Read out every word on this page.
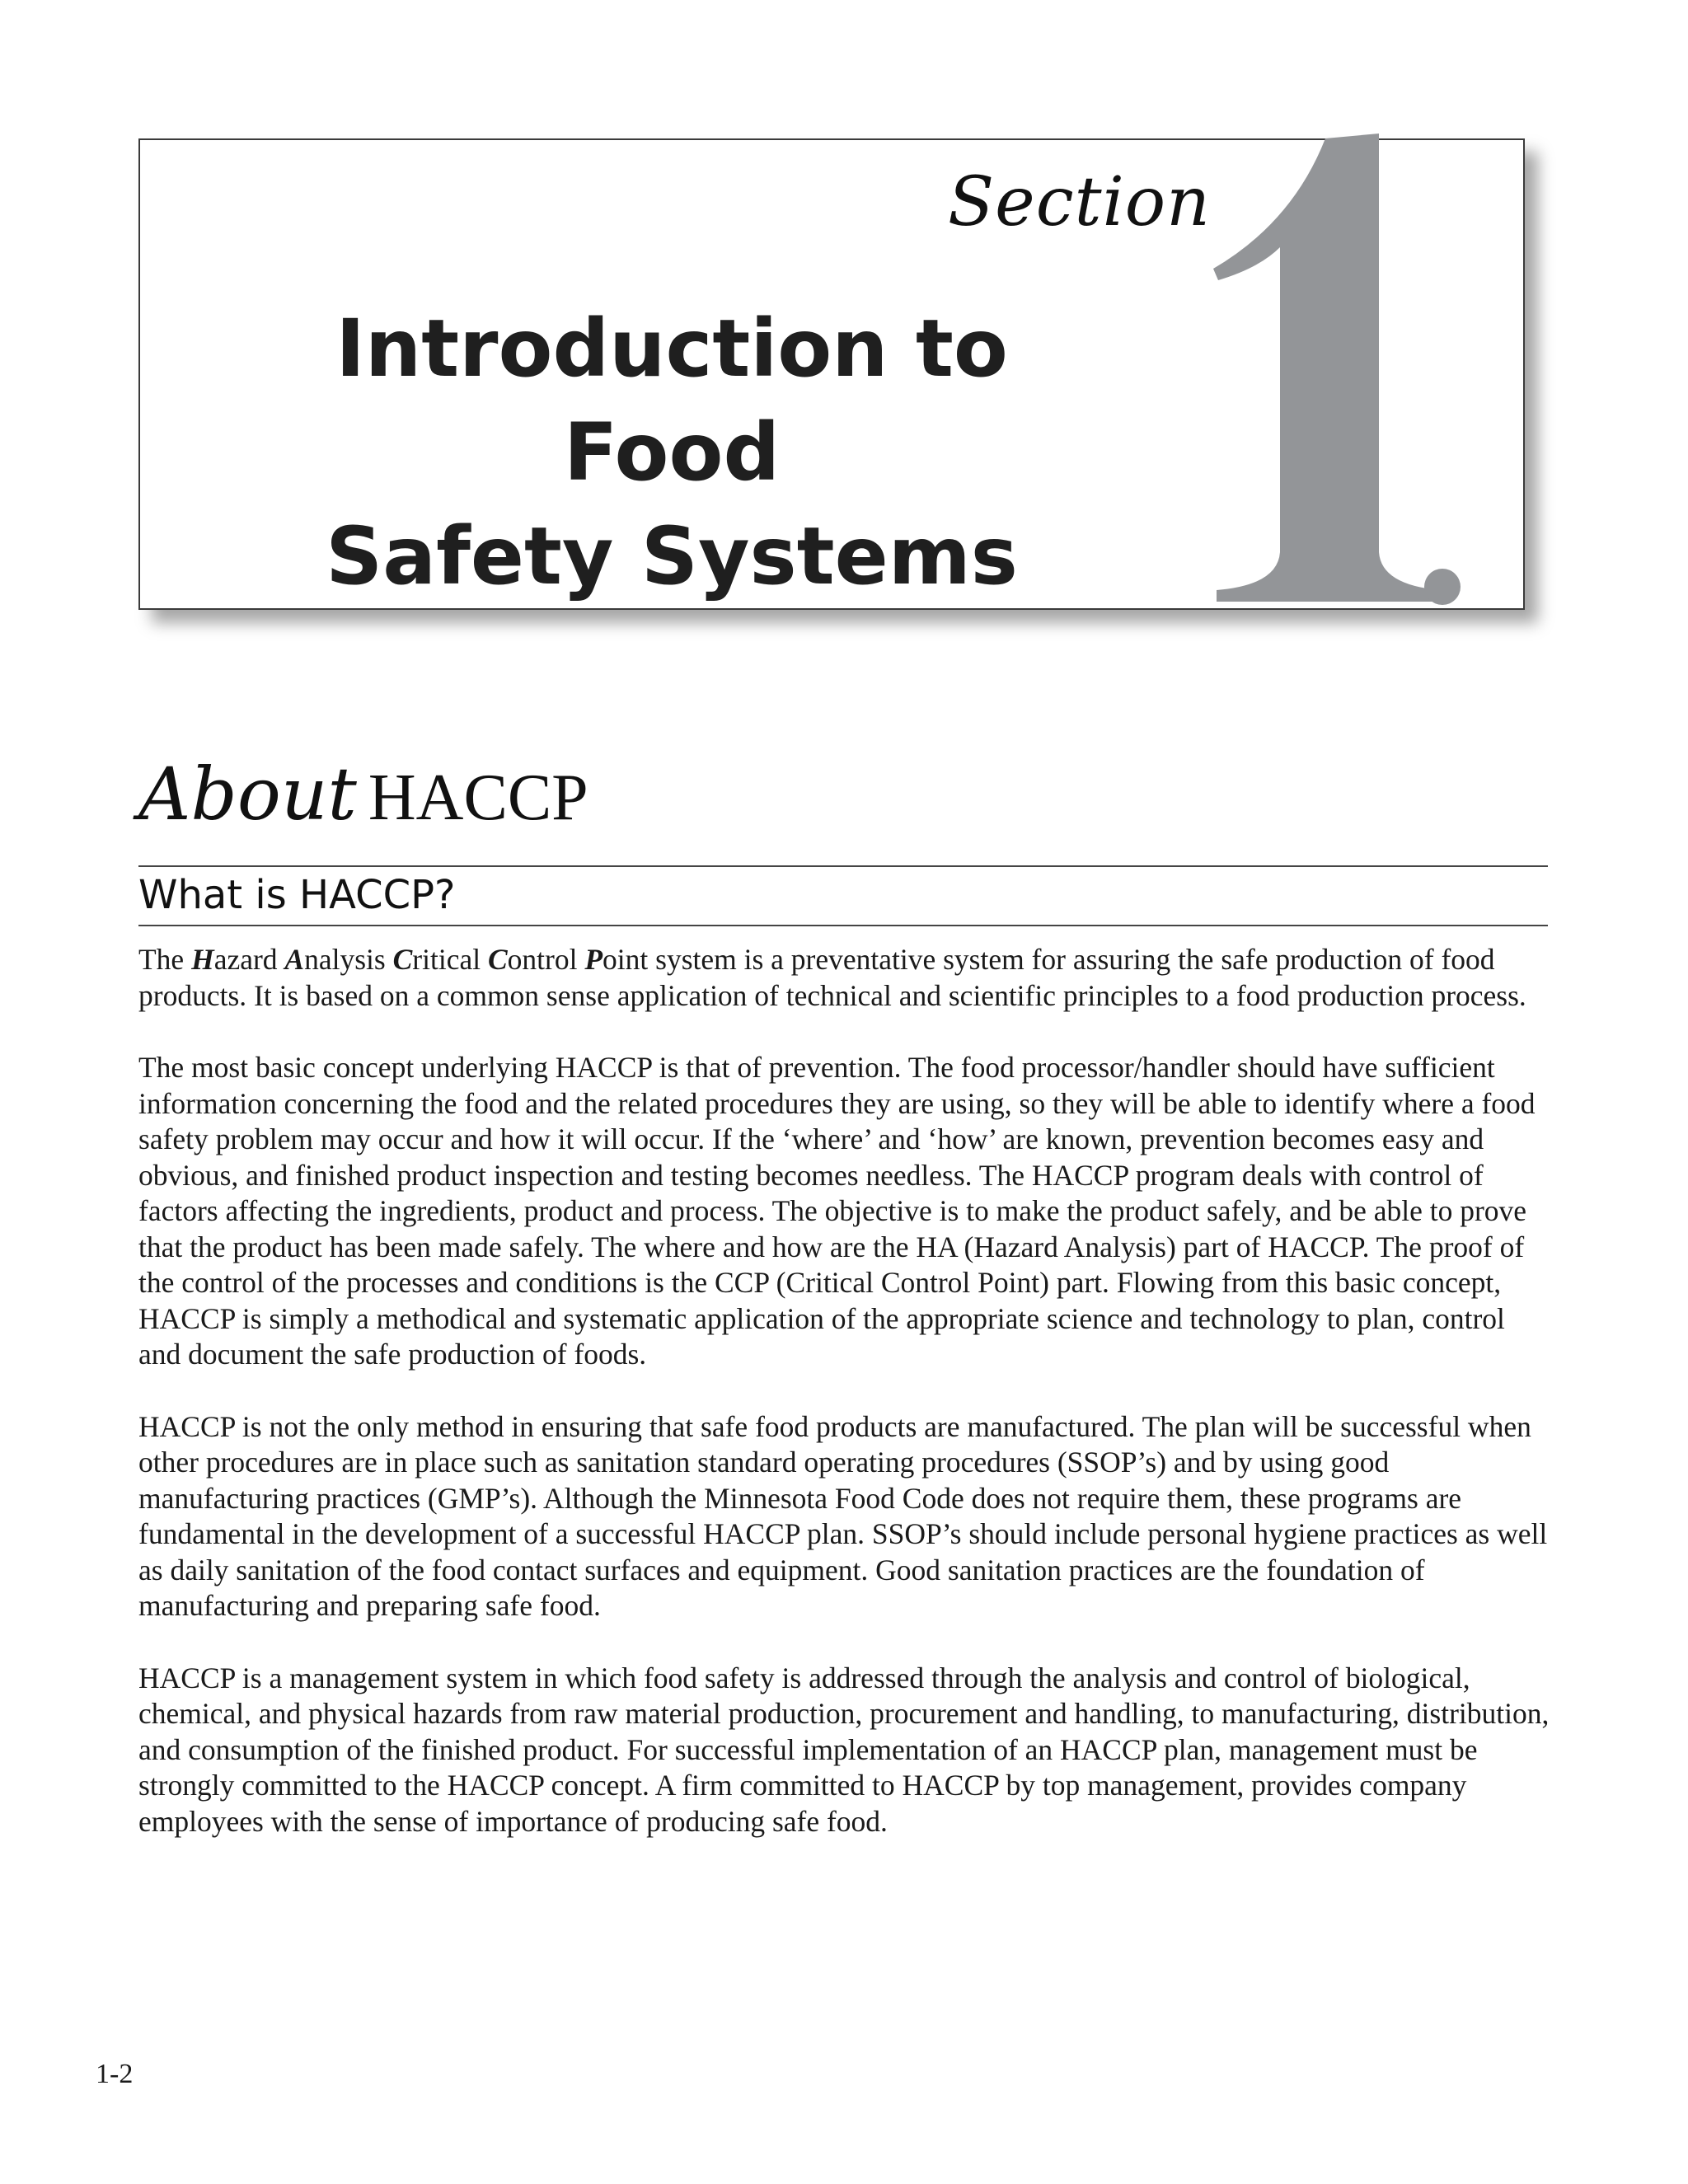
Section
Introduction to Food
Safety Systems
About HACCP
What is HACCP?

The Hazard Analysis Critical Control Point system is a preventative system for assuring the safe production of food products. It is based on a common sense application of technical and scientific principles to a food production process.

The most basic concept underlying HACCP is that of prevention. The food processor/handler should have sufficient information concerning the food and the related procedures they are using, so they will be able to identify where a food safety problem may occur and how it will occur. If the ‘where’ and ‘how’ are known, prevention becomes easy and obvious, and finished product inspection and testing becomes needless. The HACCP program deals with control of factors affecting the ingredients, product and process. The objective is to make the product safely, and be able to prove that the product has been made safely. The where and how are the HA (Hazard Analysis) part of HACCP. The proof of the control of the processes and conditions is the CCP (Critical Control Point) part. Flowing from this basic concept, HACCP is simply a methodical and systematic application of the appropriate science and technology to plan, control and document the safe production of foods.

HACCP is not the only method in ensuring that safe food products are manufactured. The plan will be successful when other procedures are in place such as sanitation standard operating procedures (SSOP’s) and by using good manufacturing practices (GMP’s). Although the Minnesota Food Code does not require them, these programs are fundamental in the development of a successful HACCP plan. SSOP’s should include personal hygiene practices as well as daily sanitation of the food contact surfaces and equipment. Good sanitation practices are the foundation of manufacturing and preparing safe food.

HACCP is a management system in which food safety is addressed through the analysis and control of biological, chemical, and physical hazards from raw material production, procurement and handling, to manufacturing, distribution, and consumption of the finished product. For successful implementation of an HACCP plan, management must be strongly committed to the HACCP concept. A firm committed to HACCP by top management, provides company employees with the sense of importance of producing safe food.

1-2
